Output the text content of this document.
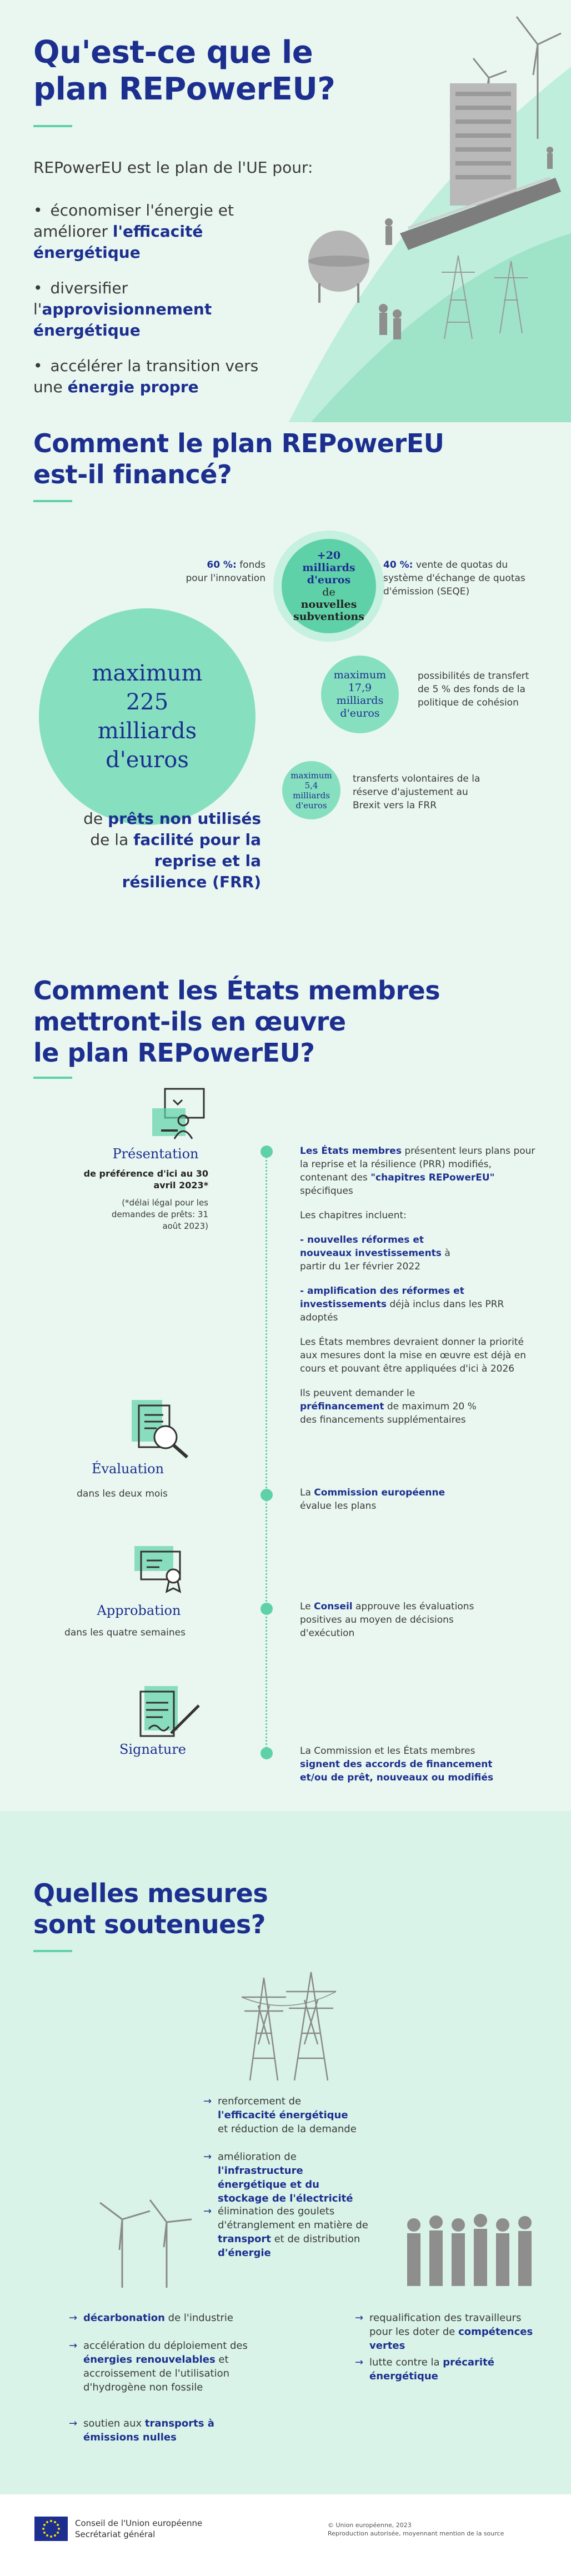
Qu'est-ce que le
plan REPowerEU?
REPowerEU est le plan de l'UE pour:

• économiser l'énergie et améliorer l'efficacité énergétique

• diversifier l'approvisionnement énergétique

• accélérer la transition vers une énergie propre

Comment le plan REPowerEU
est-il financé?
maximum
225
milliards
d'euros
de prêts non utilisés de la facilité pour la reprise et la résilience (FRR)
+20
milliards
d'euros
de
nouvelles
subventions
60 %: fonds pour l'innovation
40 %: vente de quotas du système d'échange de quotas d'émission (SEQE)
maximum
17,9
milliards
d'euros
possibilités de transfert de 5 % des fonds de la politique de cohésion
maximum
5,4
milliards
d'euros
transferts volontaires de la réserve d'ajustement au Brexit vers la FRR
Comment les États membres
mettront-ils en œuvre
le plan REPowerEU?
Présentation
de préférence d'ici au 30 avril 2023*
(*délai légal pour les demandes de prêts: 31 août 2023)

Les États membres présentent leurs plans pour la reprise et la résilience (PRR) modifiés, contenant des "chapitres REPowerEU" spécifiques

Les chapitres incluent:

- nouvelles réformes et nouveaux investissements à partir du 1er février 2022

- amplification des réformes et investissements déjà inclus dans les PRR adoptés

Les États membres devraient donner la priorité aux mesures dont la mise en œuvre est déjà en cours et pouvant être appliquées d'ici à 2026

Ils peuvent demander le préfinancement de maximum 20 % des financements supplémentaires

Évaluation
dans les deux mois	La Commission européenne évalue les plans
Approbation
dans les quatre semaines
Le Conseil approuve les évaluations positives au moyen de décisions d'exécution
Signature	La Commission et les États membres signent des accords de financement et/ou de prêt, nouveaux ou modifiés
Quelles mesures
sont soutenues?
→ renforcement de l'efficacité énergétique et réduction de la demande
→ amélioration de l'infrastructure énergétique et du stockage de l'électricité
→ élimination des goulets d'étranglement en matière de transport et de distribution d'énergie
→ décarbonation de l'industrie
→ accélération du déploiement des énergies renouvelables et accroissement de l'utilisation d'hydrogène non fossile
→ soutien aux transports à émissions nulles
→ requalification des travailleurs pour les doter de compétences vertes
→ lutte contre la précarité énergétique
Conseil de l'Union européenne
Secrétariat général
© Union européenne, 2023
Reproduction autorisée, moyennant mention de la source
